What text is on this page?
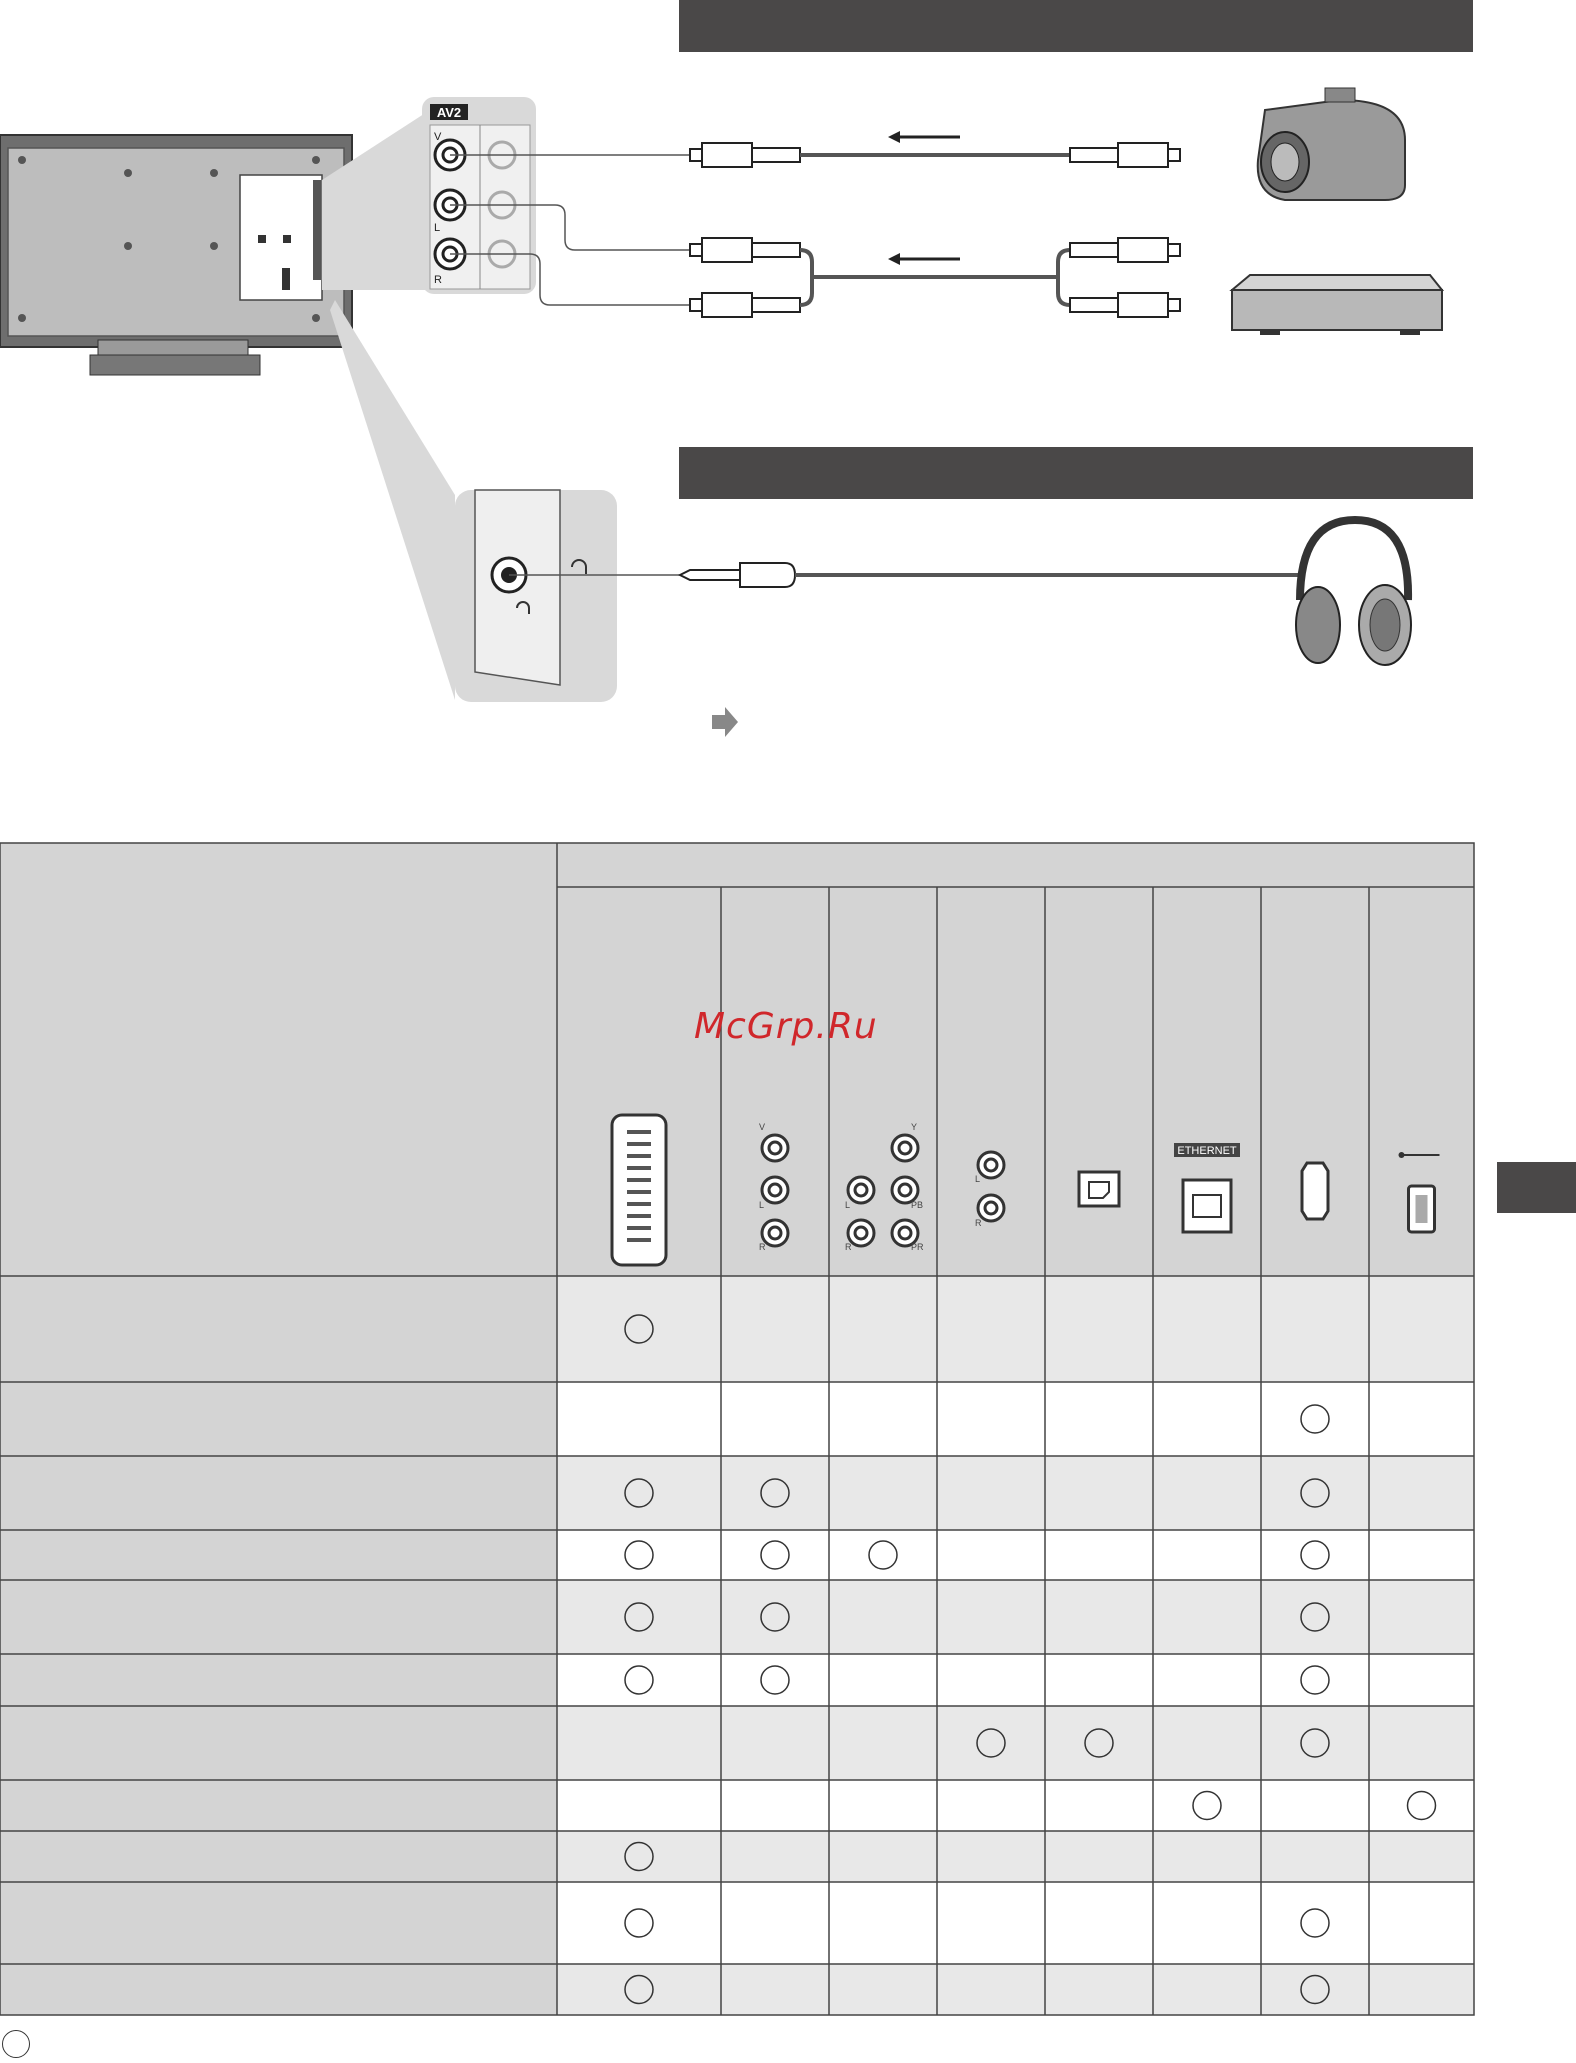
AV2
V
L
R
V
L
R
Y
L	PB
R	PR
L
R
ETHERNET
McGrp.Ru
